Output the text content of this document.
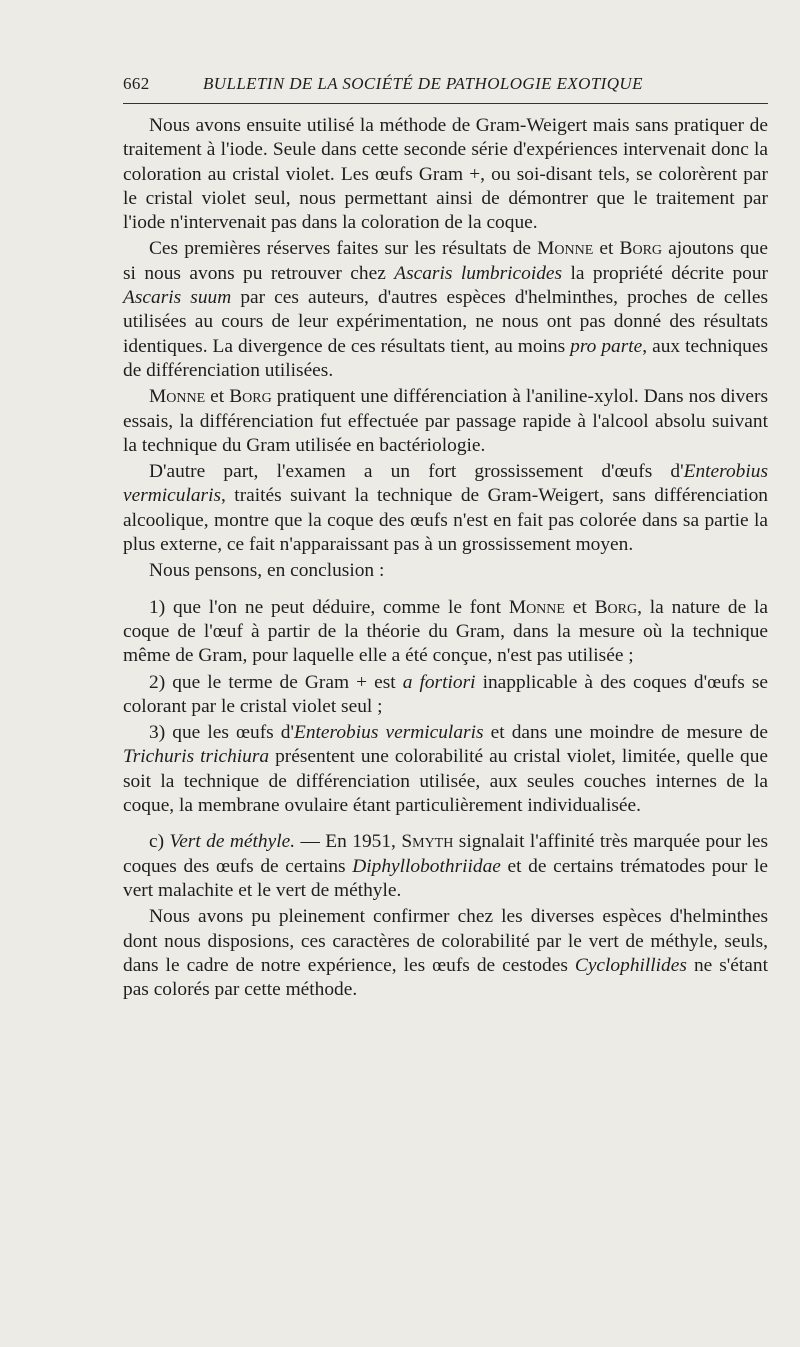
662	BULLETIN DE LA SOCIÉTÉ DE PATHOLOGIE EXOTIQUE

Nous avons ensuite utilisé la méthode de Gram-Weigert mais sans pratiquer de traitement à l'iode. Seule dans cette seconde série d'expériences intervenait donc la coloration au cristal violet. Les œufs Gram +, ou soi-disant tels, se colorèrent par le cristal violet seul, nous permettant ainsi de démontrer que le traitement par l'iode n'intervenait pas dans la coloration de la coque.

Ces premières réserves faites sur les résultats de Monne et Borg ajoutons que si nous avons pu retrouver chez Ascaris lumbricoides la propriété décrite pour Ascaris suum par ces auteurs, d'autres espèces d'helminthes, proches de celles utilisées au cours de leur expérimentation, ne nous ont pas donné des résultats identiques. La divergence de ces résultats tient, au moins pro parte, aux techniques de différenciation utilisées.

Monne et Borg pratiquent une différenciation à l'aniline-xylol. Dans nos divers essais, la différenciation fut effectuée par passage rapide à l'alcool absolu suivant la technique du Gram utilisée en bactériologie.

D'autre part, l'examen a un fort grossissement d'œufs d'Enterobius vermicularis, traités suivant la technique de Gram-Weigert, sans différenciation alcoolique, montre que la coque des œufs n'est en fait pas colorée dans sa partie la plus externe, ce fait n'apparaissant pas à un grossissement moyen.

Nous pensons, en conclusion :

1) que l'on ne peut déduire, comme le font Monne et Borg, la nature de la coque de l'œuf à partir de la théorie du Gram, dans la mesure où la technique même de Gram, pour laquelle elle a été conçue, n'est pas utilisée ;

2) que le terme de Gram + est a fortiori inapplicable à des coques d'œufs se colorant par le cristal violet seul ;

3) que les œufs d'Enterobius vermicularis et dans une moindre de mesure de Trichuris trichiura présentent une colorabilité au cristal violet, limitée, quelle que soit la technique de différenciation utilisée, aux seules couches internes de la coque, la membrane ovulaire étant particulièrement individualisée.

c) Vert de méthyle. — En 1951, Smyth signalait l'affinité très marquée pour les coques des œufs de certains Diphyllobothriidae et de certains trématodes pour le vert malachite et le vert de méthyle.

Nous avons pu pleinement confirmer chez les diverses espèces d'helminthes dont nous disposions, ces caractères de colorabilité par le vert de méthyle, seuls, dans le cadre de notre expérience, les œufs de cestodes Cyclophillides ne s'étant pas colorés par cette méthode.
